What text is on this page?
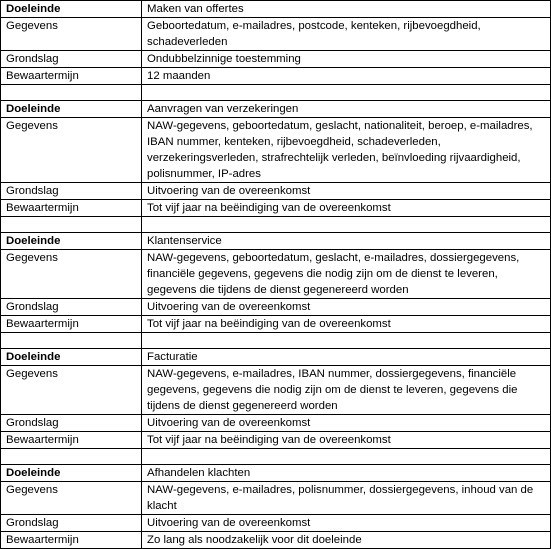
Doeleinde	Maken van offertes
Gegevens	Geboortedatum, e-mailadres, postcode, kenteken, rijbevoegdheid, schadeverleden
Grondslag	Ondubbelzinnige toestemming
Bewaartermijn	12 maanden

Doeleinde	Aanvragen van verzekeringen
Gegevens	NAW-gegevens, geboortedatum, geslacht, nationaliteit, beroep, e-mailadres, IBAN nummer, kenteken, rijbevoegdheid, schadeverleden, verzekeringsverleden, strafrechtelijk verleden, beïnvloeding rijvaardigheid, polisnummer, IP-adres
Grondslag	Uitvoering van de overeenkomst
Bewaartermijn	Tot vijf jaar na beëindiging van de overeenkomst

Doeleinde	Klantenservice
Gegevens	NAW-gegevens, geboortedatum, geslacht, e-mailadres, dossiergegevens, financiële gegevens, gegevens die nodig zijn om de dienst te leveren, gegevens die tijdens de dienst gegenereerd worden
Grondslag	Uitvoering van de overeenkomst
Bewaartermijn	Tot vijf jaar na beëindiging van de overeenkomst

Doeleinde	Facturatie
Gegevens	NAW-gegevens, e-mailadres, IBAN nummer, dossiergegevens, financiële gegevens, gegevens die nodig zijn om de dienst te leveren, gegevens die tijdens de dienst gegenereerd worden
Grondslag	Uitvoering van de overeenkomst
Bewaartermijn	Tot vijf jaar na beëindiging van de overeenkomst

Doeleinde	Afhandelen klachten
Gegevens	NAW-gegevens, e-mailadres, polisnummer, dossiergegevens, inhoud van de klacht
Grondslag	Uitvoering van de overeenkomst
Bewaartermijn	Zo lang als noodzakelijk voor dit doeleinde
